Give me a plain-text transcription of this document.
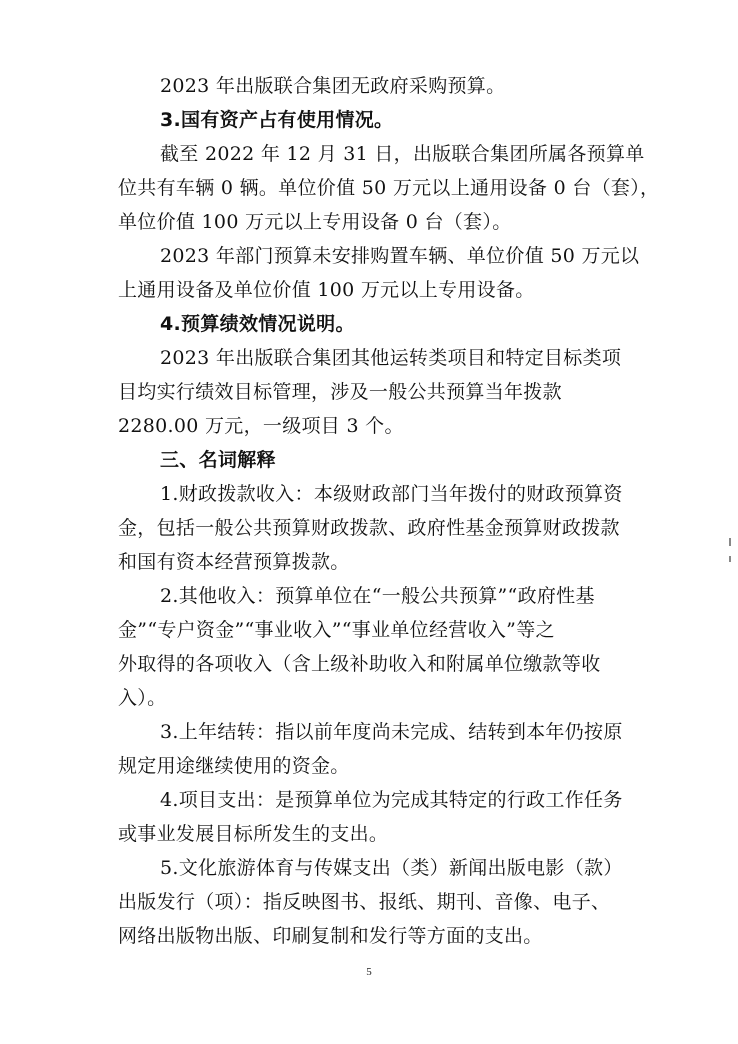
2023 年出版联合集团无政府采购预算。
3.国有资产占有使用情况。
截至 2022 年 12 月 31 日，出版联合集团所属各预算单
位共有车辆 0 辆。单位价值 50 万元以上通用设备 0 台（套），
单位价值 100 万元以上专用设备 0 台（套）。
2023 年部门预算未安排购置车辆、单位价值 50 万元以
上通用设备及单位价值 100 万元以上专用设备。
4.预算绩效情况说明。
2023 年出版联合集团其他运转类项目和特定目标类项
目均实行绩效目标管理，涉及一般公共预算当年拨款
2280.00 万元，一级项目 3 个。
三、名词解释
1.财政拨款收入：本级财政部门当年拨付的财政预算资
金，包括一般公共预算财政拨款、政府性基金预算财政拨款
和国有资本经营预算拨款。
2.其他收入：预算单位在“一般公共预算”“政府性基
金”“专户资金”“事业收入”“事业单位经营收入”等之
外取得的各项收入（含上级补助收入和附属单位缴款等收
入）。
3.上年结转：指以前年度尚未完成、结转到本年仍按原
规定用途继续使用的资金。
4.项目支出：是预算单位为完成其特定的行政工作任务
或事业发展目标所发生的支出。
5.文化旅游体育与传媒支出（类）新闻出版电影（款）
出版发行（项）：指反映图书、报纸、期刊、音像、电子、
5
网络出版物出版、印刷复制和发行等方面的支出。
